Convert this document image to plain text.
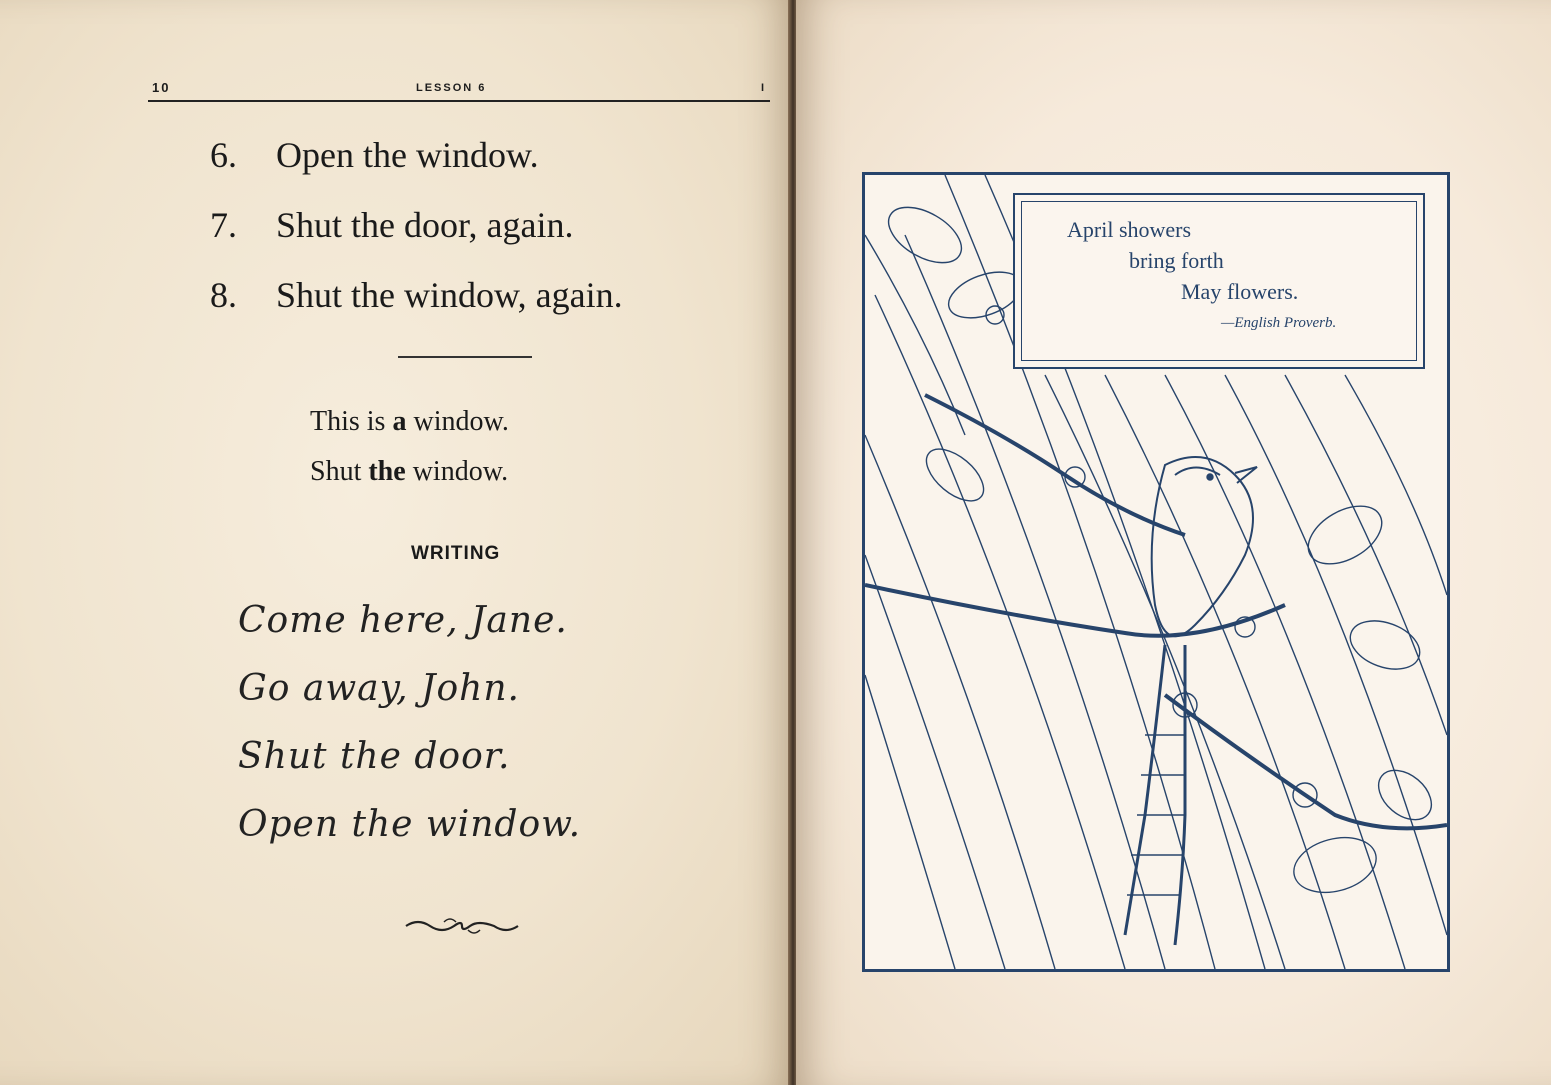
10	LESSON 6	I
6. Open the window.
7. Shut the door, again.
8. Shut the window, again.
This is a window.
Shut the window.
WRITING
Come here, Jane.
Go away, John.
Shut the door.
Open the window.
April showers
bring forth
May flowers.
—English Proverb.
